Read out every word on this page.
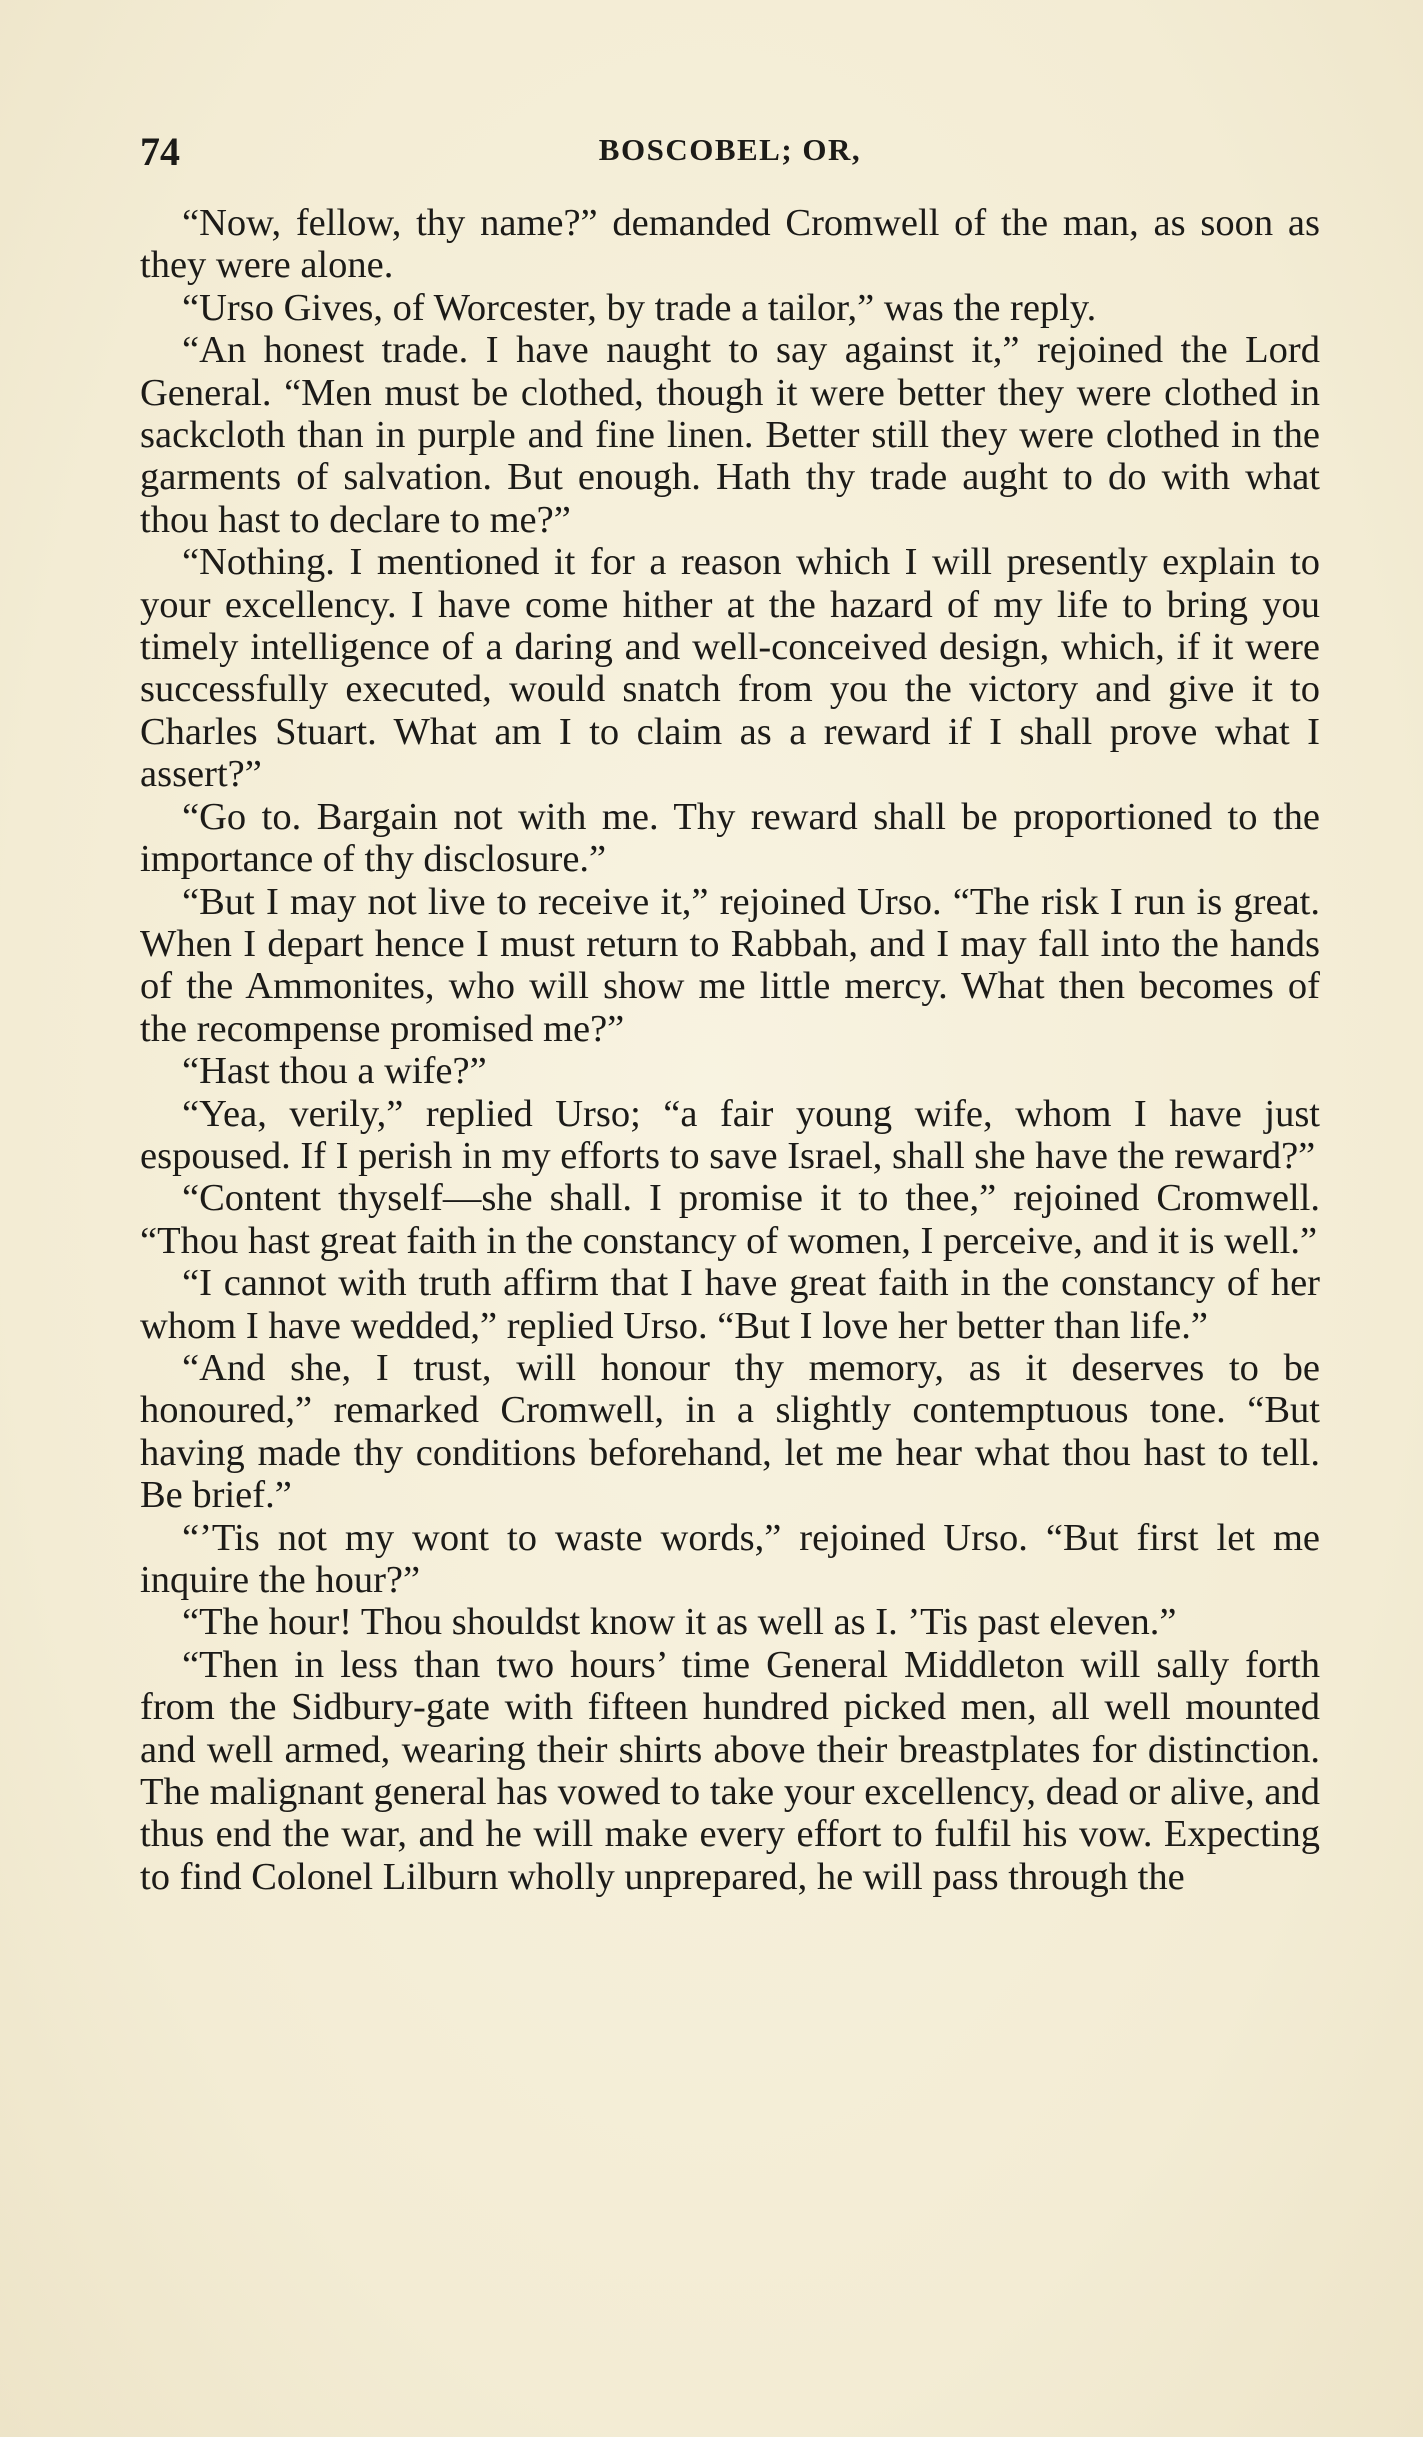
74	BOSCOBEL; OR,

“Now, fellow, thy name?” demanded Cromwell of the man, as soon as they were alone.

“Urso Gives, of Worcester, by trade a tailor,” was the reply.

“An honest trade. I have naught to say against it,” rejoined the Lord General. “Men must be clothed, though it were better they were clothed in sackcloth than in purple and fine linen. Better still they were clothed in the garments of salvation. But enough. Hath thy trade aught to do with what thou hast to declare to me?”

“Nothing. I mentioned it for a reason which I will presently explain to your excellency. I have come hither at the hazard of my life to bring you timely intelligence of a daring and well-conceived design, which, if it were successfully executed, would snatch from you the victory and give it to Charles Stuart. What am I to claim as a reward if I shall prove what I assert?”

“Go to. Bargain not with me. Thy reward shall be proportioned to the importance of thy disclosure.”

“But I may not live to receive it,” rejoined Urso. “The risk I run is great. When I depart hence I must return to Rabbah, and I may fall into the hands of the Ammonites, who will show me little mercy. What then becomes of the recompense promised me?”

“Hast thou a wife?”

“Yea, verily,” replied Urso; “a fair young wife, whom I have just espoused. If I perish in my efforts to save Israel, shall she have the reward?”

“Content thyself—she shall. I promise it to thee,” rejoined Cromwell. “Thou hast great faith in the constancy of women, I perceive, and it is well.”

“I cannot with truth affirm that I have great faith in the constancy of her whom I have wedded,” replied Urso. “But I love her better than life.”

“And she, I trust, will honour thy memory, as it deserves to be honoured,” remarked Cromwell, in a slightly contemptuous tone. “But having made thy conditions beforehand, let me hear what thou hast to tell. Be brief.”

“’Tis not my wont to waste words,” rejoined Urso. “But first let me inquire the hour?”

“The hour! Thou shouldst know it as well as I. ’Tis past eleven.”

“Then in less than two hours’ time General Middleton will sally forth from the Sidbury-gate with fifteen hundred picked men, all well mounted and well armed, wearing their shirts above their breastplates for distinction. The malignant general has vowed to take your excellency, dead or alive, and thus end the war, and he will make every effort to fulfil his vow. Expecting to find Colonel Lilburn wholly unprepared, he will pass through the
